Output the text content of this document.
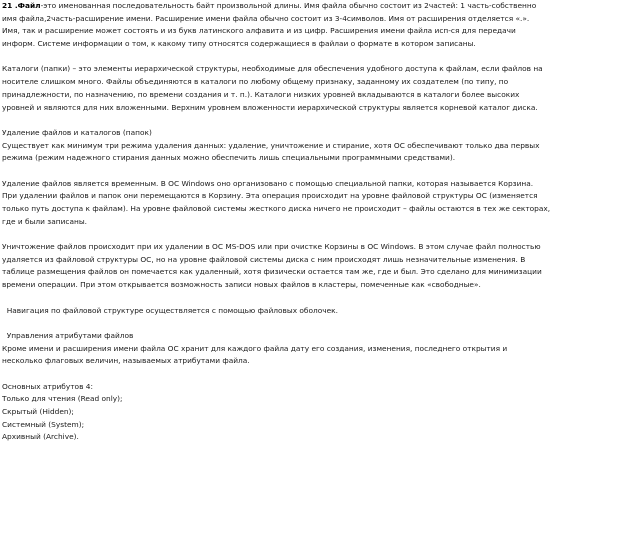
21 .Файл-это именованная последовательность байт произвольной длины. Имя файла обычно состоит из 2частей: 1 часть-собственно
имя файла,2часть-расширение имени. Расширение имени файла обычно состоит из 3-4символов. Имя от расширения отделяется «.».
Имя, так и расширение может состоять и из букв латинского алфавита и из цифр. Расширения имени файла исп-ся для передачи
информ. Системе информации о том, к какому типу относятся содержащиеся в файлаи о формате в котором записаны.
Каталоги (папки) – это элементы иерархической структуры, необходимые для обеспечения удобного доступа к файлам, если файлов на
носителе слишком много. Файлы объединяются в каталоги по любому общему признаку, заданному их создателем (по типу, по
принадлежности, по назначению, по времени создания и т. п.). Каталоги низких уровней вкладываются в каталоги более высоких
уровней и являются для них вложенными. Верхним уровнем вложенности иерархической структуры является корневой каталог диска.
Удаление файлов и каталогов (папок)
Существует как минимум три режима удаления данных: удаление, уничтожение и стирание, хотя ОС обеспечивают только два первых
режима (режим надежного стирания данных можно обеспечить лишь специальными программными средствами).
Удаление файлов является временным. В ОС Windows оно организовано с помощью специальной папки, которая называется Корзина.
При удалении файлов и папок они перемещаются в Корзину. Эта операция происходит на уровне файловой структуры ОС (изменяется
только путь доступа к файлам). На уровне файловой системы жесткого диска ничего не происходит – файлы остаются в тех же секторах,
где и были записаны.
Уничтожение файлов происходит при их удалении в ОС MS-DOS или при очистке Корзины в ОС Windows. В этом случае файл полностью
удаляется из файловой структуры ОС, но на уровне файловой системы диска с ним происходят лишь незначительные изменения. В
таблице размещения файлов он помечается как удаленный, хотя физически остается там же, где и был. Это сделано для минимизации
времени операции. При этом открывается возможность записи новых файлов в кластеры, помеченные как «свободные».
Навигация по файловой структуре осуществляется с помощью файловых оболочек.
Управления атрибутами файлов
Кроме имени и расширения имени файла ОС хранит для каждого файла дату его создания, изменения, последнего открытия и
несколько флаговых величин, называемых атрибутами файла.
Основных атрибутов 4:
Только для чтения (Read only);
Скрытый (Hidden);
Системный (System);
Архивный (Archive).
